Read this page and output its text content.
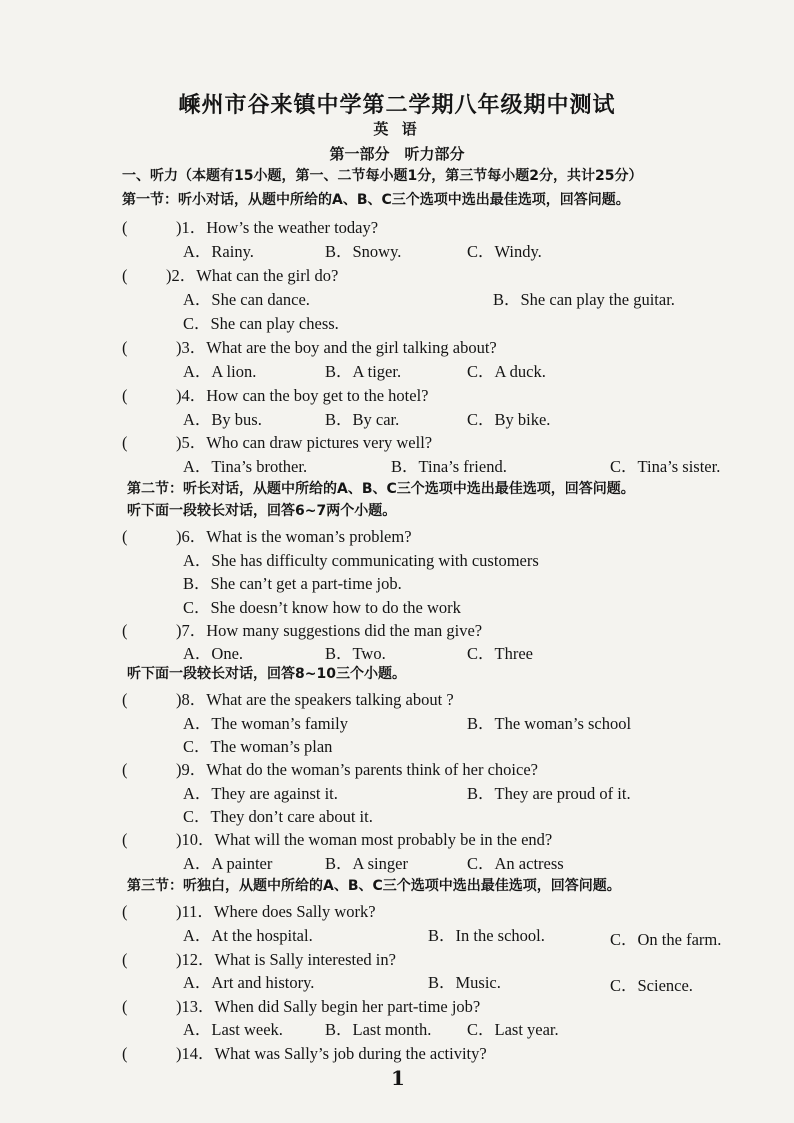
嵊州市谷来镇中学第二学期八年级期中测试
英 语
第一部分　听力部分
一、听力（本题有15小题，第一、二节每小题1分，第三节每小题2分，共计25分）
第一节：听小对话，从题中所给的A、B、C三个选项中选出最佳选项，回答问题。
(	)1．How’s the weather today?
A．Rainy.	B．Snowy.	C．Windy.
( )2．What can the girl do?
A．She can dance.	B．She can play the guitar.
C．She can play chess.
(	)3．What are the boy and the girl talking about?
A．A lion.	B．A tiger.	C．A duck.
(	)4．How can the boy get to the hotel?
A．By bus.	B．By car.	C．By bike.
(	)5．Who can draw pictures very well?
A．Tina’s brother.	B．Tina’s friend.	C．Tina’s sister.
第二节：听长对话，从题中所给的A、B、C三个选项中选出最佳选项，回答问题。
听下面一段较长对话，回答6~7两个小题。
(	)6．What is the woman’s problem?
A．She has difficulty communicating with customers
B．She can’t get a part-time job.
C．She doesn’t know how to do the work
(	)7．How many suggestions did the man give?
A．One.	B．Two.	C．Three
听下面一段较长对话，回答8~10三个小题。
(	)8．What are the speakers talking about ?
A．The woman’s family	B．The woman’s school
C．The woman’s plan
(	)9．What do the woman’s parents think of her choice?
A．They are against it.	B．They are proud of it.
C．They don’t care about it.
(	)10．What will the woman most probably be in the end?
A．A painter	B．A singer	C．An actress
第三节：听独白，从题中所给的A、B、C三个选项中选出最佳选项，回答问题。
(	)11．Where does Sally work?
A．At the hospital.	B．In the school.	C．On the farm.
(	)12．What is Sally interested in?
A．Art and history.	B．Music.	C．Science.
(	)13．When did Sally begin her part-time job?
A．Last week.	B．Last month. C．Last year.
(	)14．What was Sally’s job during the activity?
1
